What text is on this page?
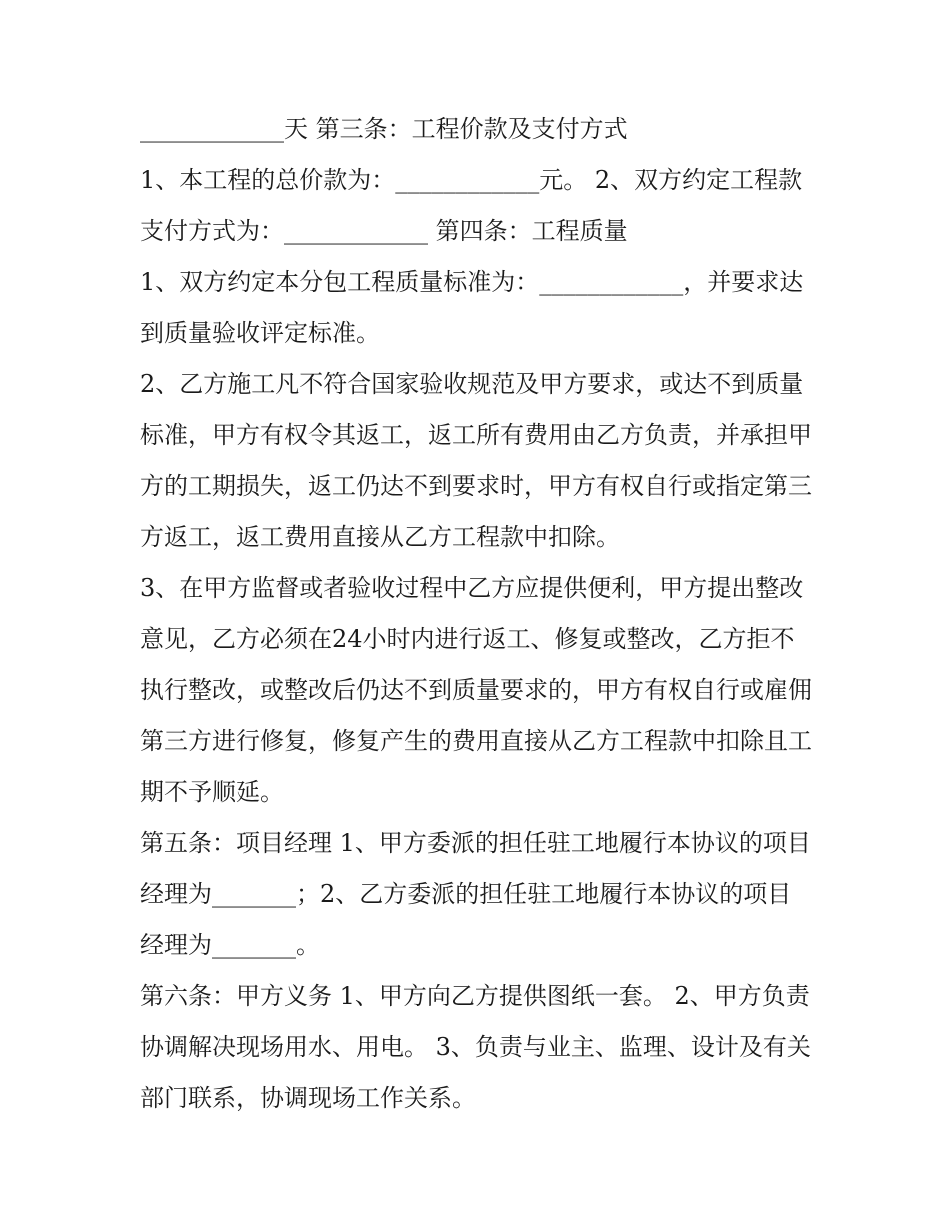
____________天 第三条：工程价款及支付方式

1、本工程的总价款为：____________元。 2、双方约定工程款支付方式为：____________ 第四条：工程质量

1、双方约定本分包工程质量标准为：____________，并要求达到质量验收评定标准。

2、乙方施工凡不符合国家验收规范及甲方要求，或达不到质量标准，甲方有权令其返工，返工所有费用由乙方负责，并承担甲方的工期损失，返工仍达不到要求时，甲方有权自行或指定第三方返工，返工费用直接从乙方工程款中扣除。

3、在甲方监督或者验收过程中乙方应提供便利，甲方提出整改意见，乙方必须在24小时内进行返工、修复或整改，乙方拒不执行整改，或整改后仍达不到质量要求的，甲方有权自行或雇佣第三方进行修复，修复产生的费用直接从乙方工程款中扣除且工期不予顺延。

第五条：项目经理 1、甲方委派的担任驻工地履行本协议的项目经理为_______；2、乙方委派的担任驻工地履行本协议的项目经理为_______。

第六条：甲方义务 1、甲方向乙方提供图纸一套。 2、甲方负责协调解决现场用水、用电。 3、负责与业主、监理、设计及有关部门联系，协调现场工作关系。
